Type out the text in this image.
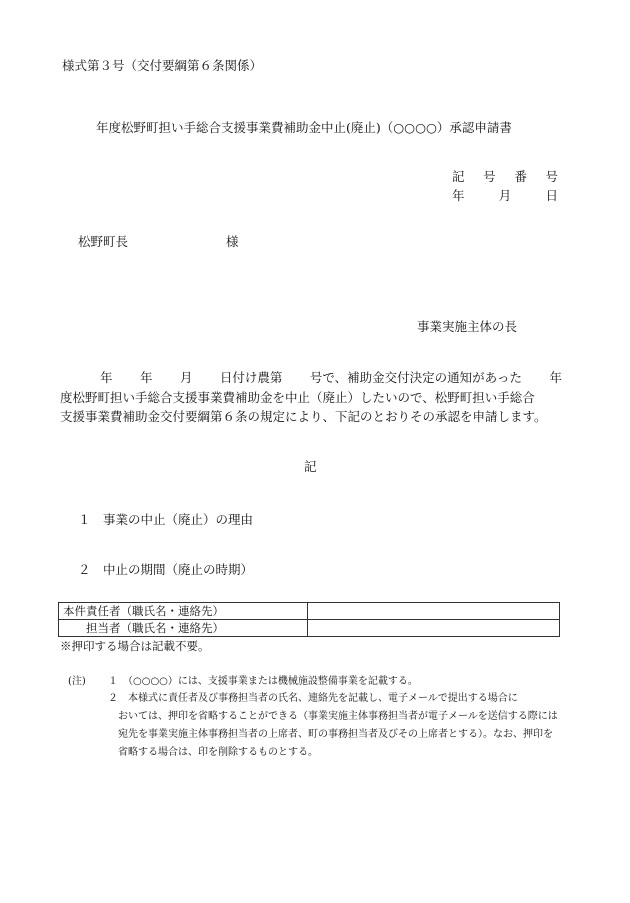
様式第３号（交付要綱第６条関係）
年度松野町担い手総合支援事業費補助金中止(廃止)（○○○○）承認申請書
記 号 番 号
年	月	日
松野町長	様
事業実施主体の長
年 年 月 日付け農第 号で、補助金交付決定の通知があった 年
度松野町担い手総合支援事業費補助金を中止（廃止）したいので、松野町担い手総合
支援事業費補助金交付要綱第６条の規定により、下記のとおりその承認を申請します。
記
１　 事業の中止（廃止）の理由
２　 中止の期間（廃止の時期）
本件責任者（職氏名・連絡先）	
　　担当者（職氏名・連絡先）	
※押印する場合は記載不要。
(注) １　（○○○○）には、支援事業または機械施設整備事業を記載する。
２　本様式に責任者及び事務担当者の氏名、連絡先を記載し、電子メールで提出する場合に
おいては、押印を省略することができる（事業実施主体事務担当者が電子メールを送信する際には宛先を事業実施主体事務担当者の上席者、町の事務担当者及びその上席者とする）。なお、押印を省略する場合は、印を削除するものとする。
